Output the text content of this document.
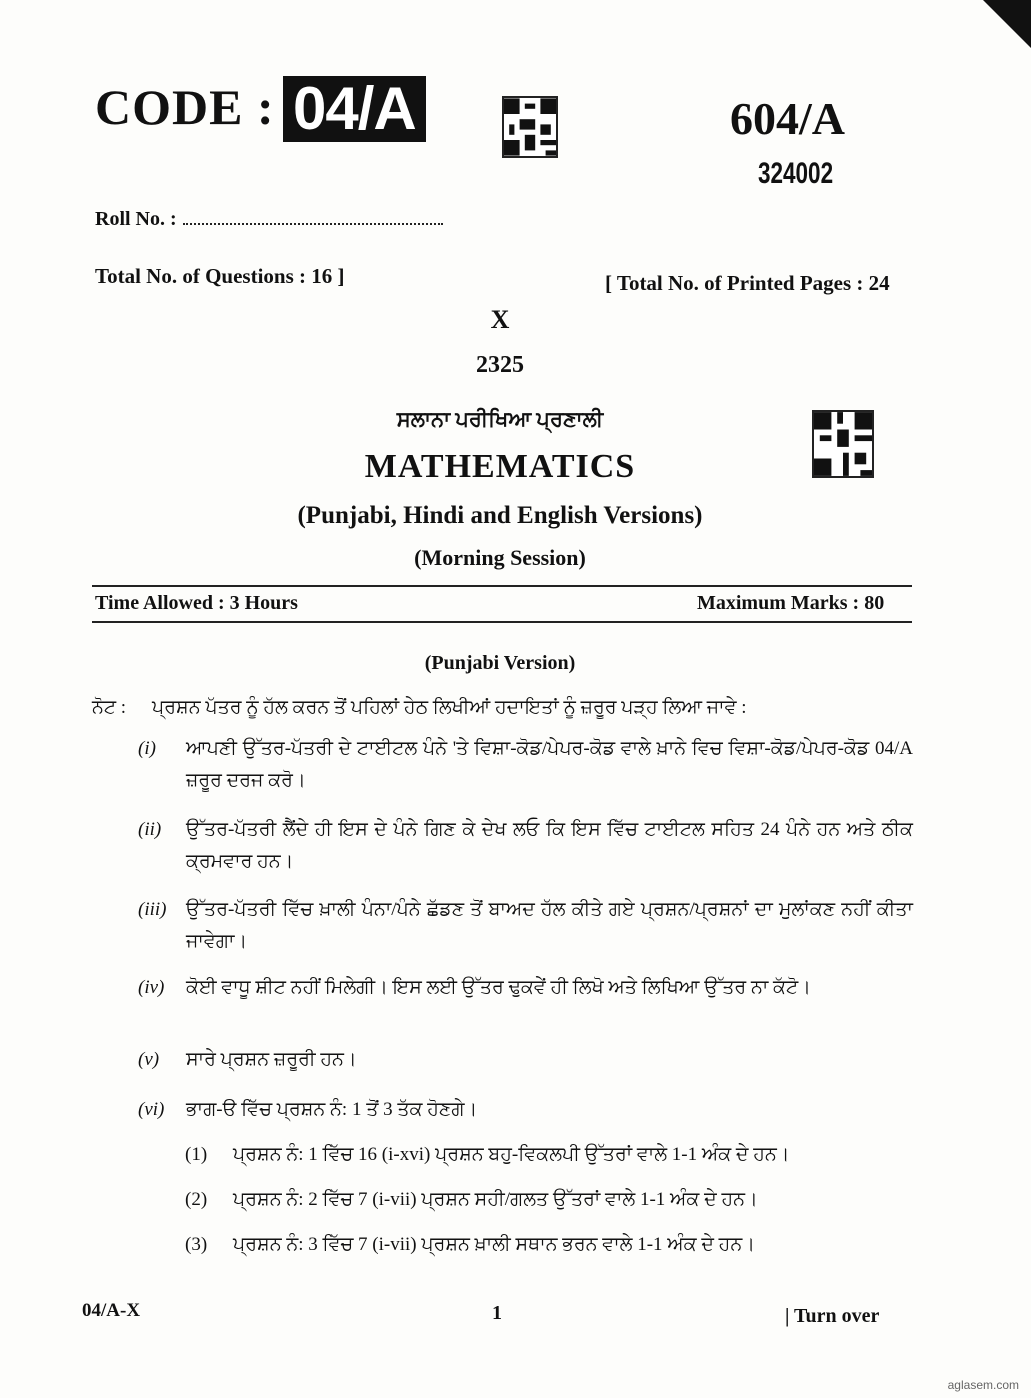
CODE : 04/A	604/A
324002
Roll No. :
Total No. of Questions : 16 ]	[ Total No. of Printed Pages : 24
X
2325
ਸਲਾਨਾ ਪਰੀਖਿਆ ਪ੍ਰਣਾਲੀ
MATHEMATICS
(Punjabi, Hindi and English Versions)
(Morning Session)
Time Allowed : 3 Hours	Maximum Marks : 80
(Punjabi Version)
ਨੋਟ : ਪ੍ਰਸ਼ਨ ਪੱਤਰ ਨੂੰ ਹੱਲ ਕਰਨ ਤੋਂ ਪਹਿਲਾਂ ਹੇਠ ਲਿਖੀਆਂ ਹਦਾਇਤਾਂ ਨੂੰ ਜ਼ਰੂਰ ਪੜ੍ਹ ਲਿਆ ਜਾਵੇ :
(i)	ਆਪਣੀ ਉੱਤਰ-ਪੱਤਰੀ ਦੇ ਟਾਈਟਲ ਪੰਨੇ 'ਤੇ ਵਿਸ਼ਾ-ਕੋਡ/ਪੇਪਰ-ਕੋਡ ਵਾਲੇ ਖ਼ਾਨੇ ਵਿਚ ਵਿਸ਼ਾ-ਕੋਡ/ਪੇਪਰ-ਕੋਡ 04/A ਜ਼ਰੂਰ ਦਰਜ ਕਰੋ।
(ii)	ਉੱਤਰ-ਪੱਤਰੀ ਲੈਂਦੇ ਹੀ ਇਸ ਦੇ ਪੰਨੇ ਗਿਣ ਕੇ ਦੇਖ ਲਓ ਕਿ ਇਸ ਵਿੱਚ ਟਾਈਟਲ ਸਹਿਤ 24 ਪੰਨੇ ਹਨ ਅਤੇ ਠੀਕ ਕ੍ਰਮਵਾਰ ਹਨ।
(iii)	ਉੱਤਰ-ਪੱਤਰੀ ਵਿੱਚ ਖ਼ਾਲੀ ਪੰਨਾ/ਪੰਨੇ ਛੱਡਣ ਤੋਂ ਬਾਅਦ ਹੱਲ ਕੀਤੇ ਗਏ ਪ੍ਰਸ਼ਨ/ਪ੍ਰਸ਼ਨਾਂ ਦਾ ਮੁਲਾਂਕਣ ਨਹੀਂ ਕੀਤਾ ਜਾਵੇਗਾ।
(iv)	ਕੋਈ ਵਾਧੂ ਸ਼ੀਟ ਨਹੀਂ ਮਿਲੇਗੀ। ਇਸ ਲਈ ਉੱਤਰ ਢੁਕਵੇਂ ਹੀ ਲਿਖੋ ਅਤੇ ਲਿਖਿਆ ਉੱਤਰ ਨਾ ਕੱਟੋ।
(v)	ਸਾਰੇ ਪ੍ਰਸ਼ਨ ਜ਼ਰੂਰੀ ਹਨ।
(vi)	ਭਾਗ-ੳ ਵਿੱਚ ਪ੍ਰਸ਼ਨ ਨੰ: 1 ਤੋਂ 3 ਤੱਕ ਹੋਣਗੇ।
(1) ਪ੍ਰਸ਼ਨ ਨੰ: 1 ਵਿੱਚ 16 (i-xvi) ਪ੍ਰਸ਼ਨ ਬਹੁ-ਵਿਕਲਪੀ ਉੱਤਰਾਂ ਵਾਲੇ 1-1 ਅੰਕ ਦੇ ਹਨ।
(2) ਪ੍ਰਸ਼ਨ ਨੰ: 2 ਵਿੱਚ 7 (i-vii) ਪ੍ਰਸ਼ਨ ਸਹੀ/ਗਲਤ ਉੱਤਰਾਂ ਵਾਲੇ 1-1 ਅੰਕ ਦੇ ਹਨ।
(3) ਪ੍ਰਸ਼ਨ ਨੰ: 3 ਵਿੱਚ 7 (i-vii) ਪ੍ਰਸ਼ਨ ਖ਼ਾਲੀ ਸਥਾਨ ਭਰਨ ਵਾਲੇ 1-1 ਅੰਕ ਦੇ ਹਨ।
04/A-X	1	| Turn over
aglasem.com
